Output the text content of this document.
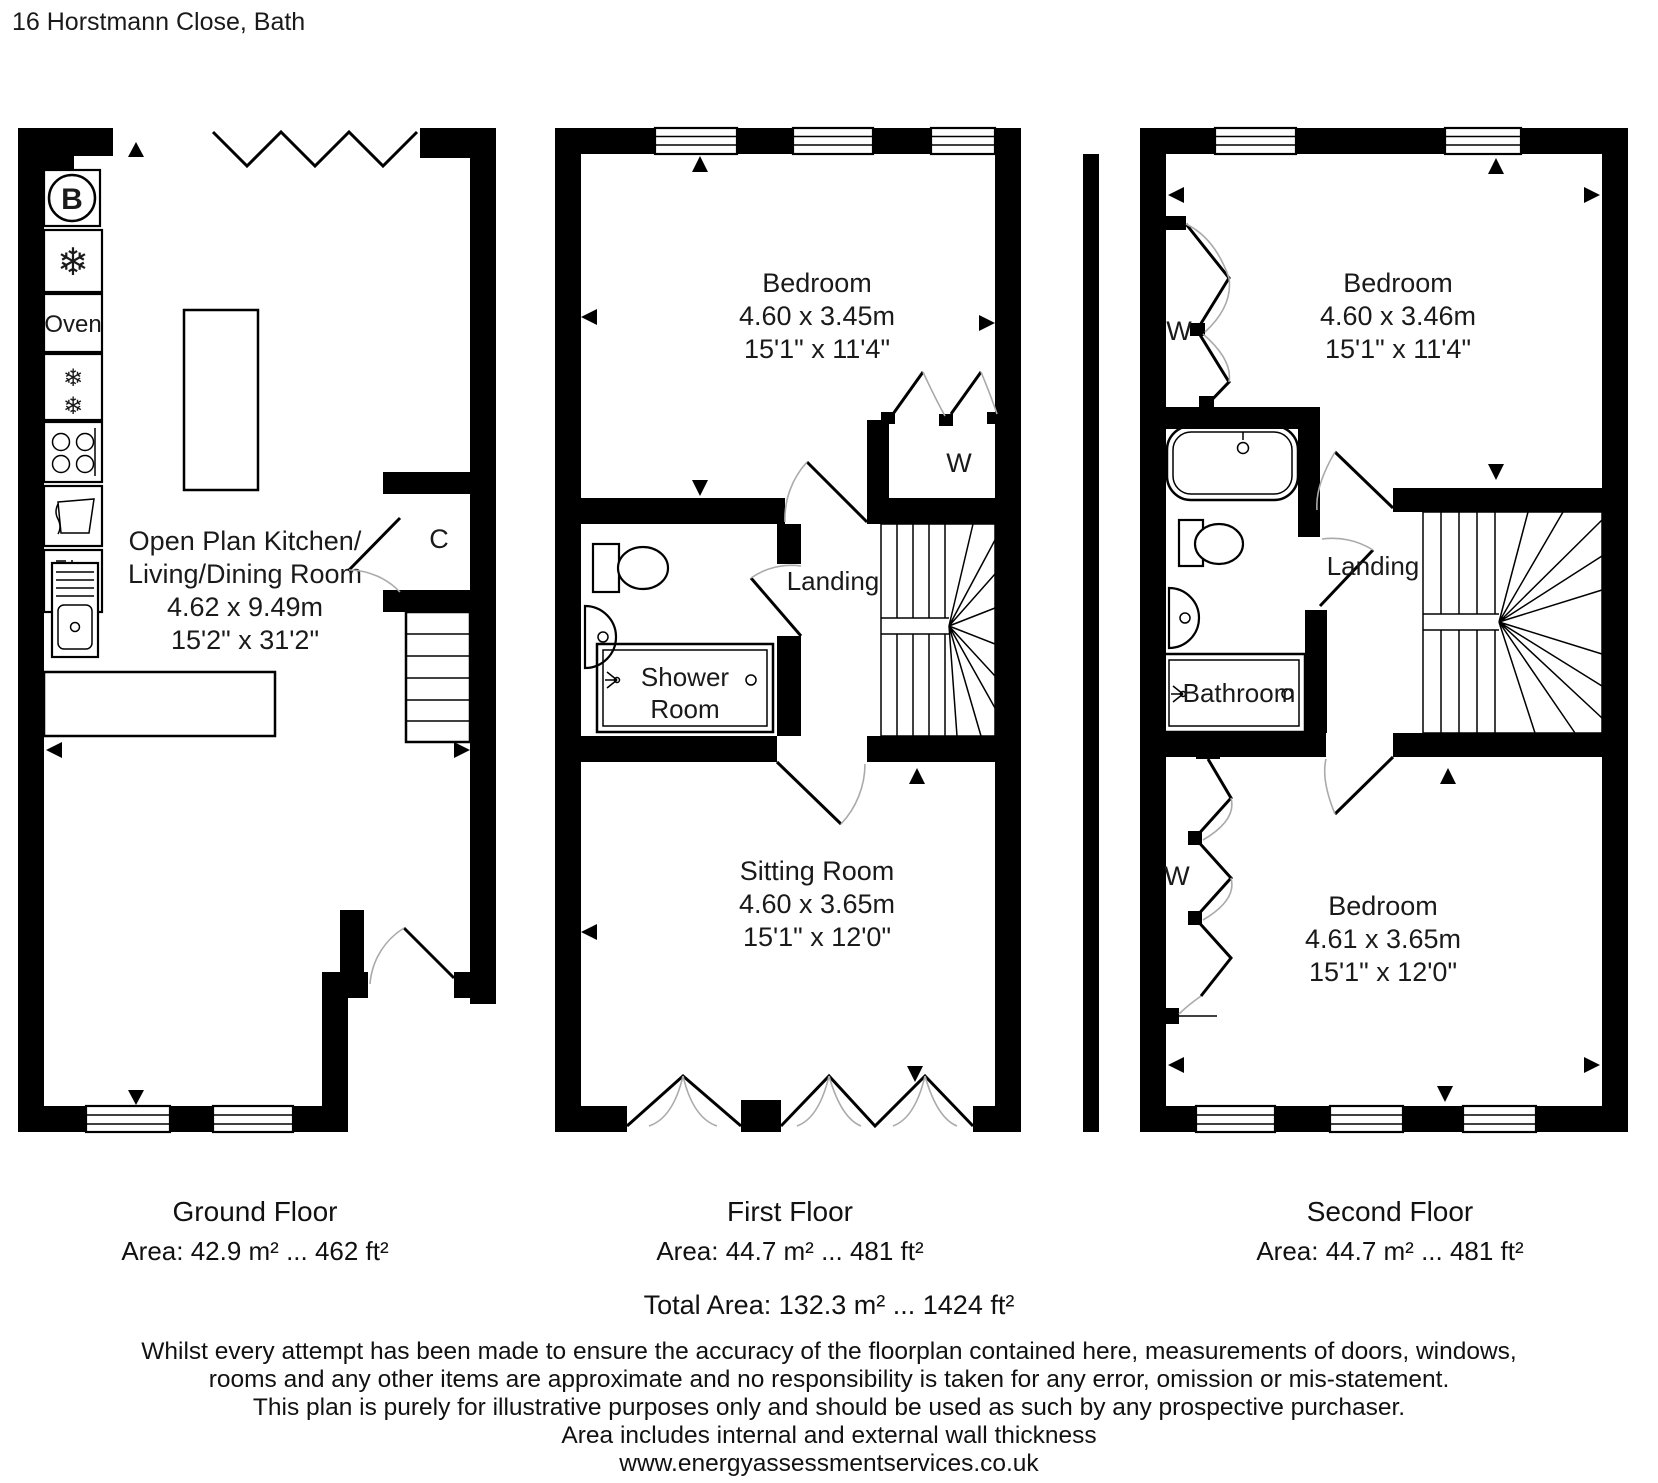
16 Horstmann Close, Bath
B
❄
Oven
❄
❄
Open Plan Kitchen/
Living/Dining Room
4.62 x 9.49m
15'2" x 31'2"
C
Bedroom
4.60 x 3.45m
15'1" x 11'4"
W
Shower
Room
Landing
Sitting Room
4.60 x 3.65m
15'1" x 12'0"
Bedroom
4.60 x 3.46m
15'1" x 11'4"
W
Bathroom
Landing
W
Bedroom
4.61 x 3.65m
15'1" x 12'0"
Ground Floor
Area: 42.9 m² ... 462 ft²
First Floor
Area: 44.7 m² ... 481 ft²
Second Floor
Area: 44.7 m² ... 481 ft²
Total Area: 132.3 m² ... 1424 ft²
Whilst every attempt has been made to ensure the accuracy of the floorplan contained here, measurements of doors, windows,
rooms and any other items are approximate and no responsibility is taken for any error, omission or mis-statement.
This plan is purely for illustrative purposes only and should be used as such by any prospective purchaser.
Area includes internal and external wall thickness
www.energyassessmentservices.co.uk
